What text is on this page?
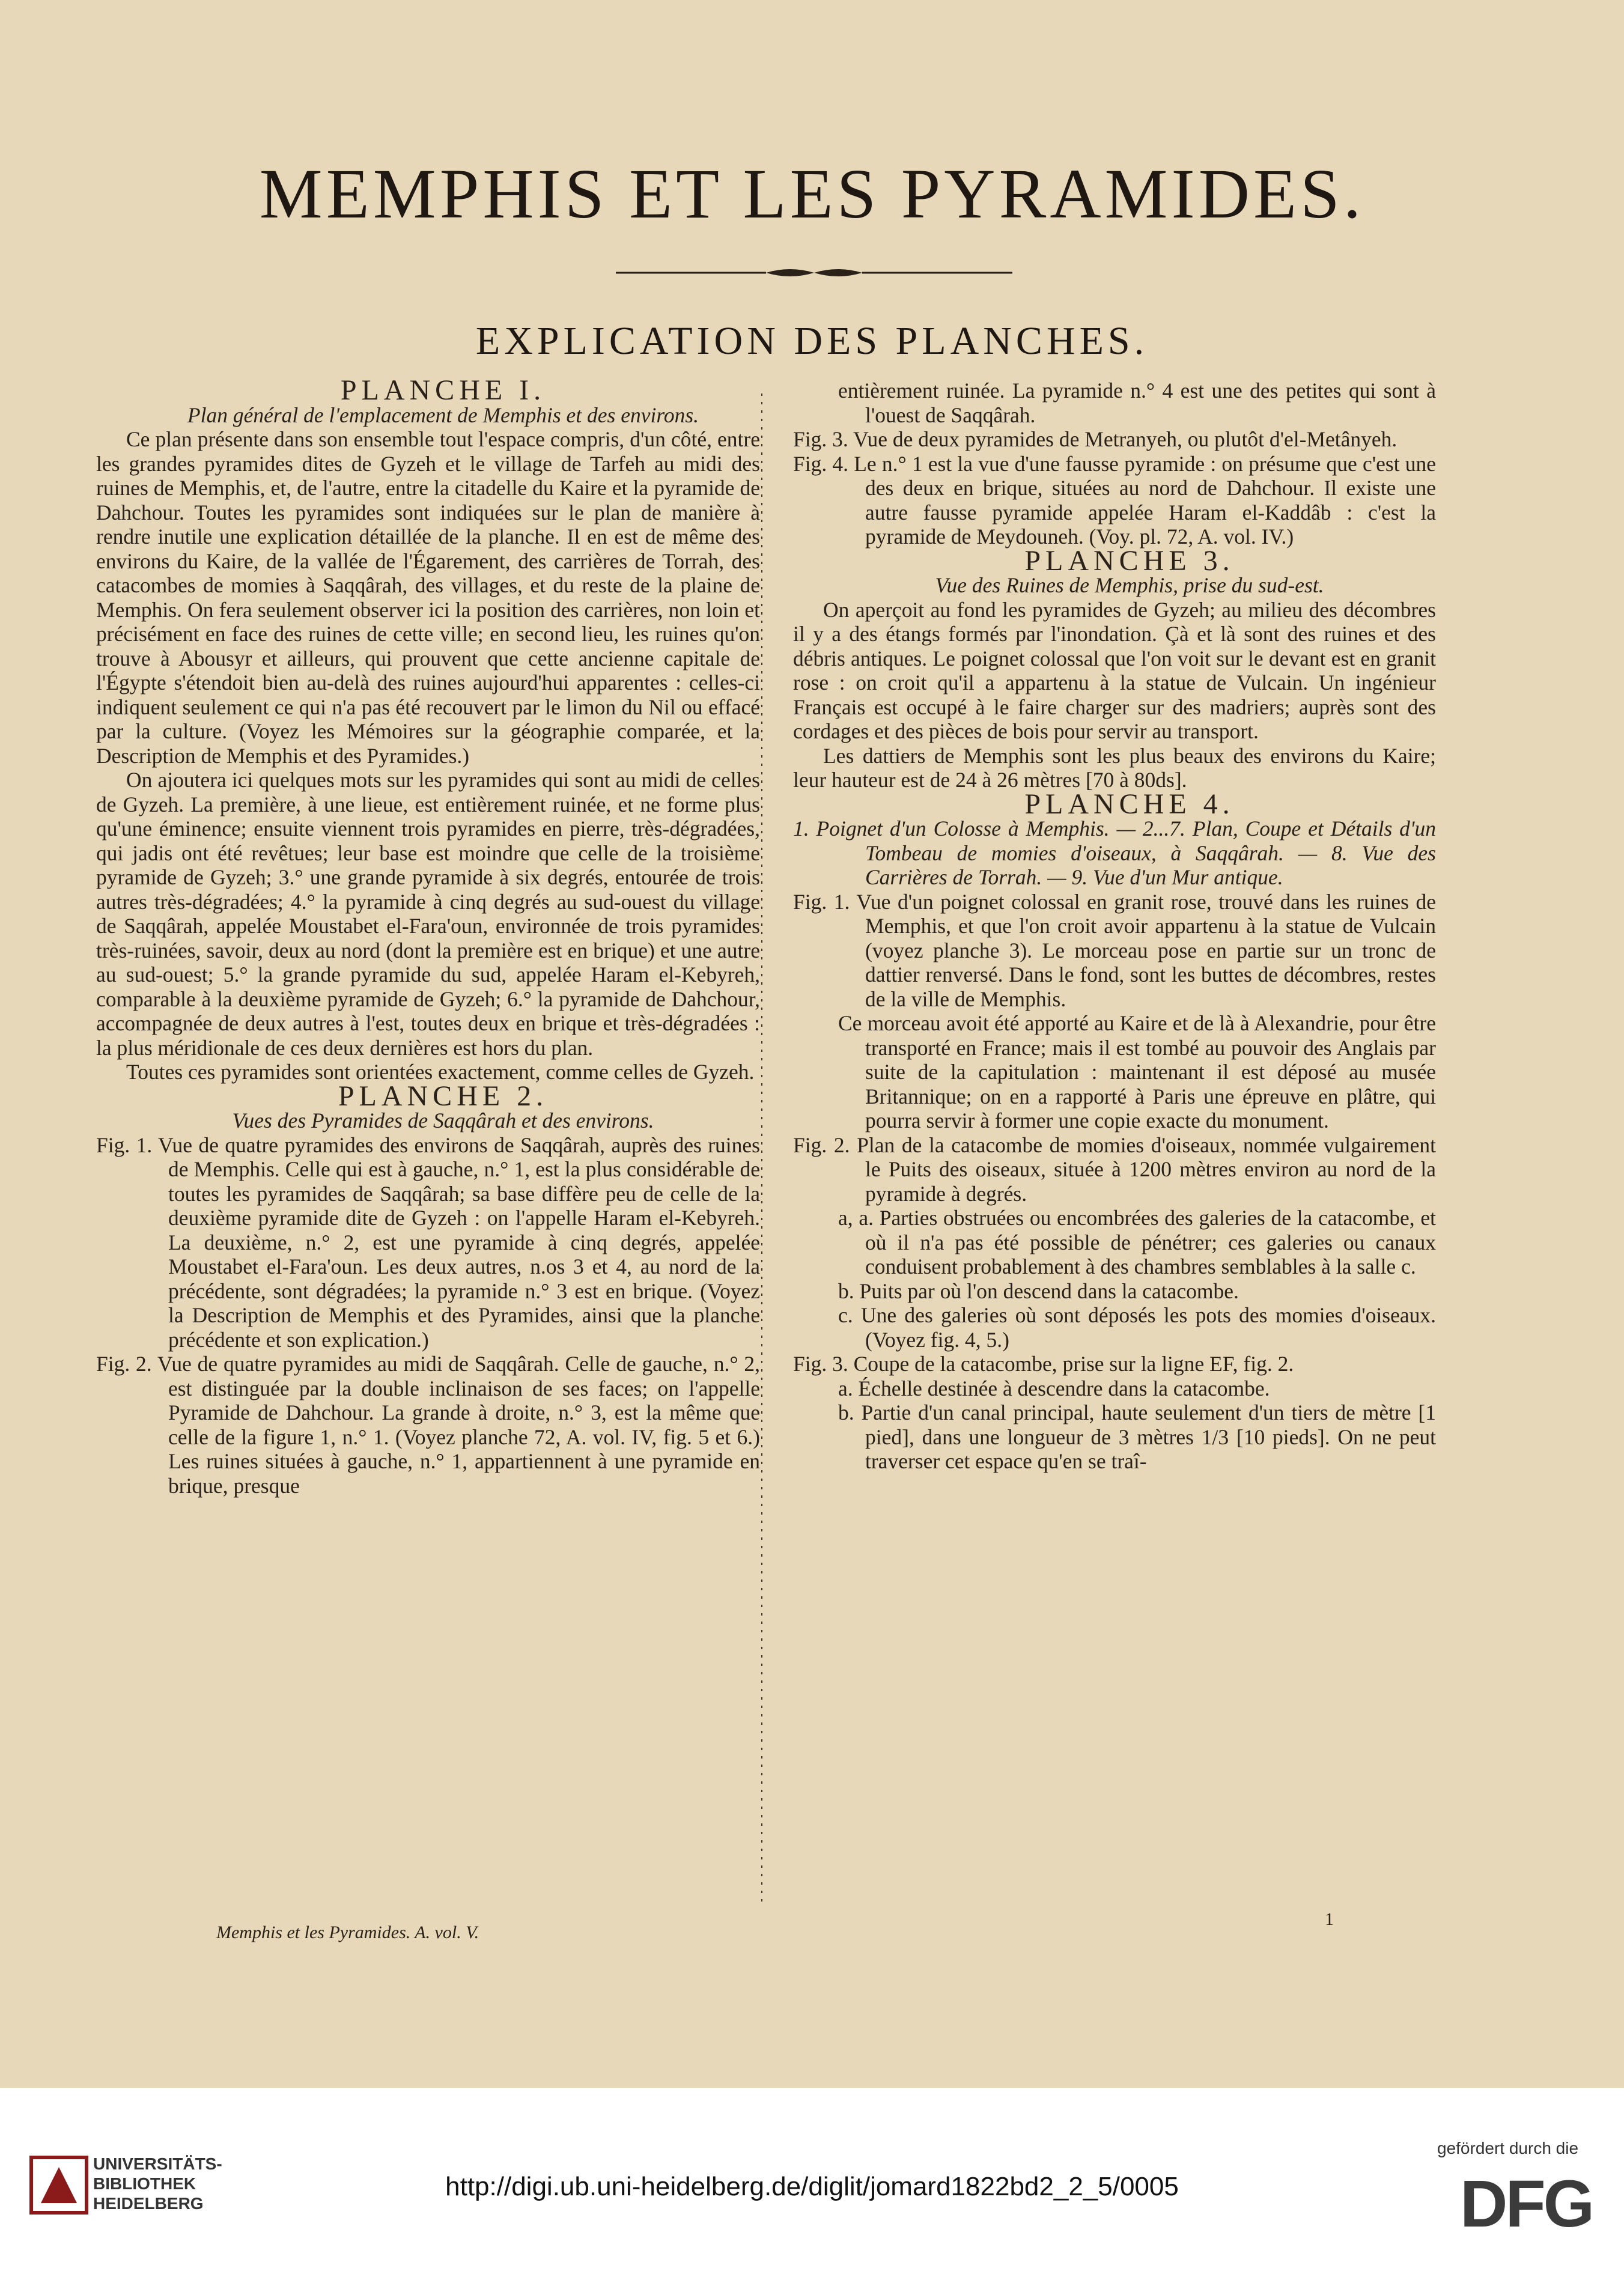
MEMPHIS ET LES PYRAMIDES.
EXPLICATION DES PLANCHES.

PLANCHE I.

Plan général de l'emplacement de Memphis et des environs.

Ce plan présente dans son ensemble tout l'espace compris, d'un côté, entre les grandes pyramides dites de Gyzeh et le village de Tarfeh au midi des ruines de Memphis, et, de l'autre, entre la citadelle du Kaire et la pyramide de Dahchour. Toutes les pyramides sont indiquées sur le plan de manière à rendre inutile une explication détaillée de la planche. Il en est de même des environs du Kaire, de la vallée de l'Égarement, des carrières de Torrah, des catacombes de momies à Saqqârah, des villages, et du reste de la plaine de Memphis. On fera seulement observer ici la position des carrières, non loin et précisément en face des ruines de cette ville; en second lieu, les ruines qu'on trouve à Abousyr et ailleurs, qui prouvent que cette ancienne capitale de l'Égypte s'étendoit bien au-delà des ruines aujourd'hui apparentes : celles-ci indiquent seulement ce qui n'a pas été recouvert par le limon du Nil ou effacé par la culture. (Voyez les Mémoires sur la géographie comparée, et la Description de Memphis et des Pyramides.)

On ajoutera ici quelques mots sur les pyramides qui sont au midi de celles de Gyzeh. La première, à une lieue, est entièrement ruinée, et ne forme plus qu'une éminence; ensuite viennent trois pyramides en pierre, très-dégradées, qui jadis ont été revêtues; leur base est moindre que celle de la troisième pyramide de Gyzeh; 3.° une grande pyramide à six degrés, entourée de trois autres très-dégradées; 4.° la pyramide à cinq degrés au sud-ouest du village de Saqqârah, appelée Moustabet el-Fara'oun, environnée de trois pyramides très-ruinées, savoir, deux au nord (dont la première est en brique) et une autre au sud-ouest; 5.° la grande pyramide du sud, appelée Haram el-Kebyreh, comparable à la deuxième pyramide de Gyzeh; 6.° la pyramide de Dahchour, accompagnée de deux autres à l'est, toutes deux en brique et très-dégradées : la plus méridionale de ces deux dernières est hors du plan.

Toutes ces pyramides sont orientées exactement, comme celles de Gyzeh.

PLANCHE 2.

Vues des Pyramides de Saqqârah et des environs.

Fig. 1. Vue de quatre pyramides des environs de Saqqârah, auprès des ruines de Memphis. Celle qui est à gauche, n.° 1, est la plus considérable de toutes les pyramides de Saqqârah; sa base diffère peu de celle de la deuxième pyramide dite de Gyzeh : on l'appelle Haram el-Kebyreh. La deuxième, n.° 2, est une pyramide à cinq degrés, appelée Moustabet el-Fara'oun. Les deux autres, n.os 3 et 4, au nord de la précédente, sont dégradées; la pyramide n.° 3 est en brique. (Voyez la Description de Memphis et des Pyramides, ainsi que la planche précédente et son explication.)

Fig. 2. Vue de quatre pyramides au midi de Saqqârah. Celle de gauche, n.° 2, est distinguée par la double inclinaison de ses faces; on l'appelle Pyramide de Dahchour. La grande à droite, n.° 3, est la même que celle de la figure 1, n.° 1. (Voyez planche 72, A. vol. IV, fig. 5 et 6.) Les ruines situées à gauche, n.° 1, appartiennent à une pyramide en brique, presque

entièrement ruinée. La pyramide n.° 4 est une des petites qui sont à l'ouest de Saqqârah.

Fig. 3. Vue de deux pyramides de Metranyeh, ou plutôt d'el-Metânyeh.

Fig. 4. Le n.° 1 est la vue d'une fausse pyramide : on présume que c'est une des deux en brique, situées au nord de Dahchour. Il existe une autre fausse pyramide appelée Haram el-Kaddâb : c'est la pyramide de Meydouneh. (Voy. pl. 72, A. vol. IV.)

PLANCHE 3.

Vue des Ruines de Memphis, prise du sud-est.

On aperçoit au fond les pyramides de Gyzeh; au milieu des décombres il y a des étangs formés par l'inondation. Çà et là sont des ruines et des débris antiques. Le poignet colossal que l'on voit sur le devant est en granit rose : on croit qu'il a appartenu à la statue de Vulcain. Un ingénieur Français est occupé à le faire charger sur des madriers; auprès sont des cordages et des pièces de bois pour servir au transport.

Les dattiers de Memphis sont les plus beaux des environs du Kaire; leur hauteur est de 24 à 26 mètres [70 à 80ds].

PLANCHE 4.

1. Poignet d'un Colosse à Memphis. — 2...7. Plan, Coupe et Détails d'un Tombeau de momies d'oiseaux, à Saqqârah. — 8. Vue des Carrières de Torrah. — 9. Vue d'un Mur antique.

Fig. 1. Vue d'un poignet colossal en granit rose, trouvé dans les ruines de Memphis, et que l'on croit avoir appartenu à la statue de Vulcain (voyez planche 3). Le morceau pose en partie sur un tronc de dattier renversé. Dans le fond, sont les buttes de décombres, restes de la ville de Memphis.

Ce morceau avoit été apporté au Kaire et de là à Alexandrie, pour être transporté en France; mais il est tombé au pouvoir des Anglais par suite de la capitulation : maintenant il est déposé au musée Britannique; on en a rapporté à Paris une épreuve en plâtre, qui pourra servir à former une copie exacte du monument.

Fig. 2. Plan de la catacombe de momies d'oiseaux, nommée vulgairement le Puits des oiseaux, située à 1200 mètres environ au nord de la pyramide à degrés.

a, a. Parties obstruées ou encombrées des galeries de la catacombe, et où il n'a pas été possible de pénétrer; ces galeries ou canaux conduisent probablement à des chambres semblables à la salle c.

b. Puits par où l'on descend dans la catacombe.

c. Une des galeries où sont déposés les pots des momies d'oiseaux. (Voyez fig. 4, 5.)

Fig. 3. Coupe de la catacombe, prise sur la ligne EF, fig. 2.

a. Échelle destinée à descendre dans la catacombe.

b. Partie d'un canal principal, haute seulement d'un tiers de mètre [1 pied], dans une longueur de 3 mètres 1/3 [10 pieds]. On ne peut traverser cet espace qu'en se traî-

Memphis et les Pyramides. A. vol. V.
1
UNIVERSITÄTS-
BIBLIOTHEK
HEIDELBERG
http://digi.ub.uni-heidelberg.de/diglit/jomard1822bd2_2_5/0005
gefördert durch die
DFG
